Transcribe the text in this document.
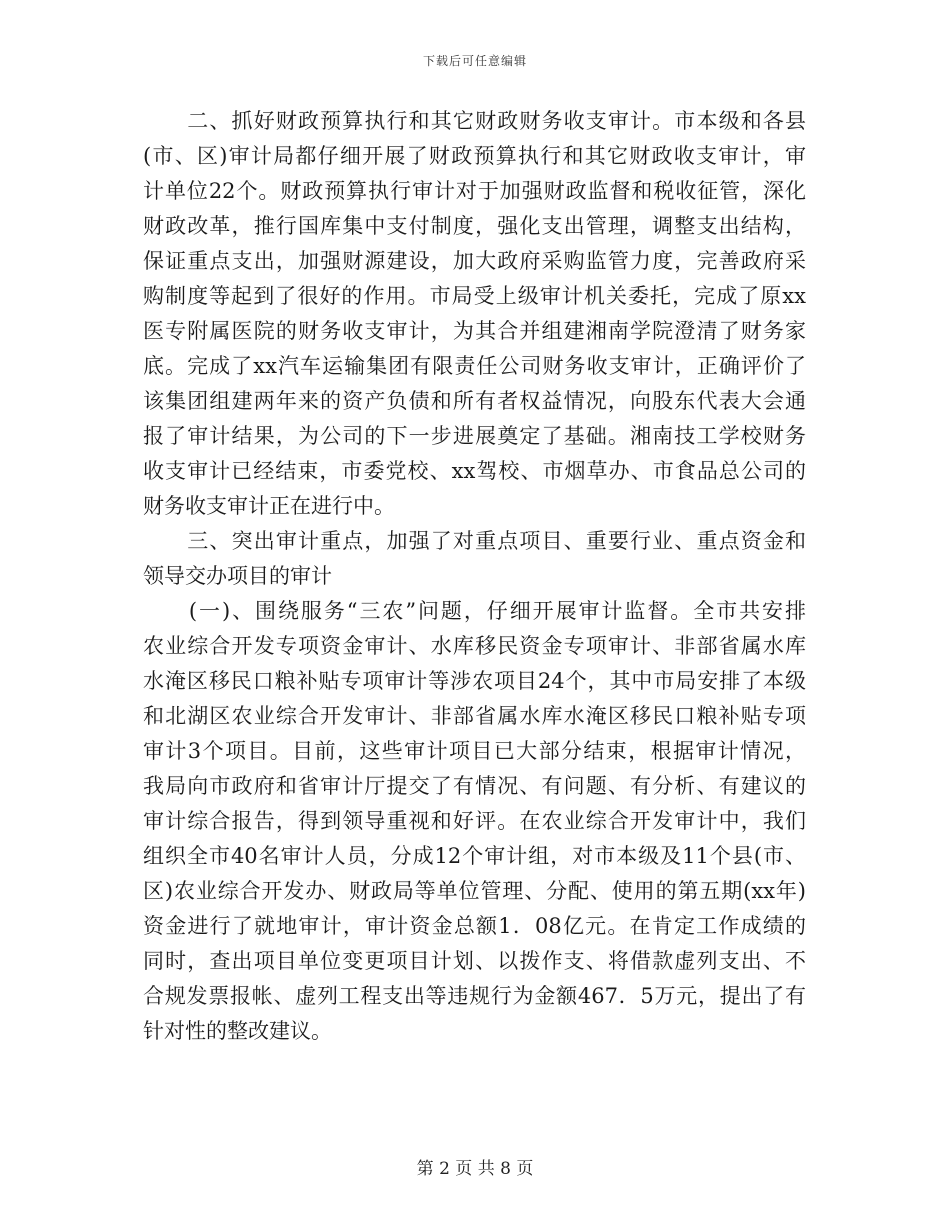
下载后可任意编辑
　　二、抓好财政预算执行和其它财政财务收支审计。市本级和各县
(市、区)审计局都仔细开展了财政预算执行和其它财政收支审计，审
计单位22个。财政预算执行审计对于加强财政监督和税收征管，深化
财政改革，推行国库集中支付制度，强化支出管理，调整支出结构，
保证重点支出，加强财源建设，加大政府采购监管力度，完善政府采
购制度等起到了很好的作用。市局受上级审计机关委托，完成了原xx
医专附属医院的财务收支审计，为其合并组建湘南学院澄清了财务家
底。完成了xx汽车运输集团有限责任公司财务收支审计，正确评价了
该集团组建两年来的资产负债和所有者权益情况，向股东代表大会通
报了审计结果，为公司的下一步进展奠定了基础。湘南技工学校财务
收支审计已经结束，市委党校、xx驾校、市烟草办、市食品总公司的
财务收支审计正在进行中。
　　三、突出审计重点，加强了对重点项目、重要行业、重点资金和
领导交办项目的审计
　　(一)、围绕服务“三农”问题，仔细开展审计监督。全市共安排
农业综合开发专项资金审计、水库移民资金专项审计、非部省属水库
水淹区移民口粮补贴专项审计等涉农项目24个，其中市局安排了本级
和北湖区农业综合开发审计、非部省属水库水淹区移民口粮补贴专项
审计3个项目。目前，这些审计项目已大部分结束，根据审计情况，
我局向市政府和省审计厅提交了有情况、有问题、有分析、有建议的
审计综合报告，得到领导重视和好评。在农业综合开发审计中，我们
组织全市40名审计人员，分成12个审计组，对市本级及11个县(市、
区)农业综合开发办、财政局等单位管理、分配、使用的第五期(xx年)
资金进行了就地审计，审计资金总额1．08亿元。在肯定工作成绩的
同时，查出项目单位变更项目计划、以拨作支、将借款虚列支出、不
合规发票报帐、虚列工程支出等违规行为金额467．5万元，提出了有
针对性的整改建议。
第 2 页 共 8 页
